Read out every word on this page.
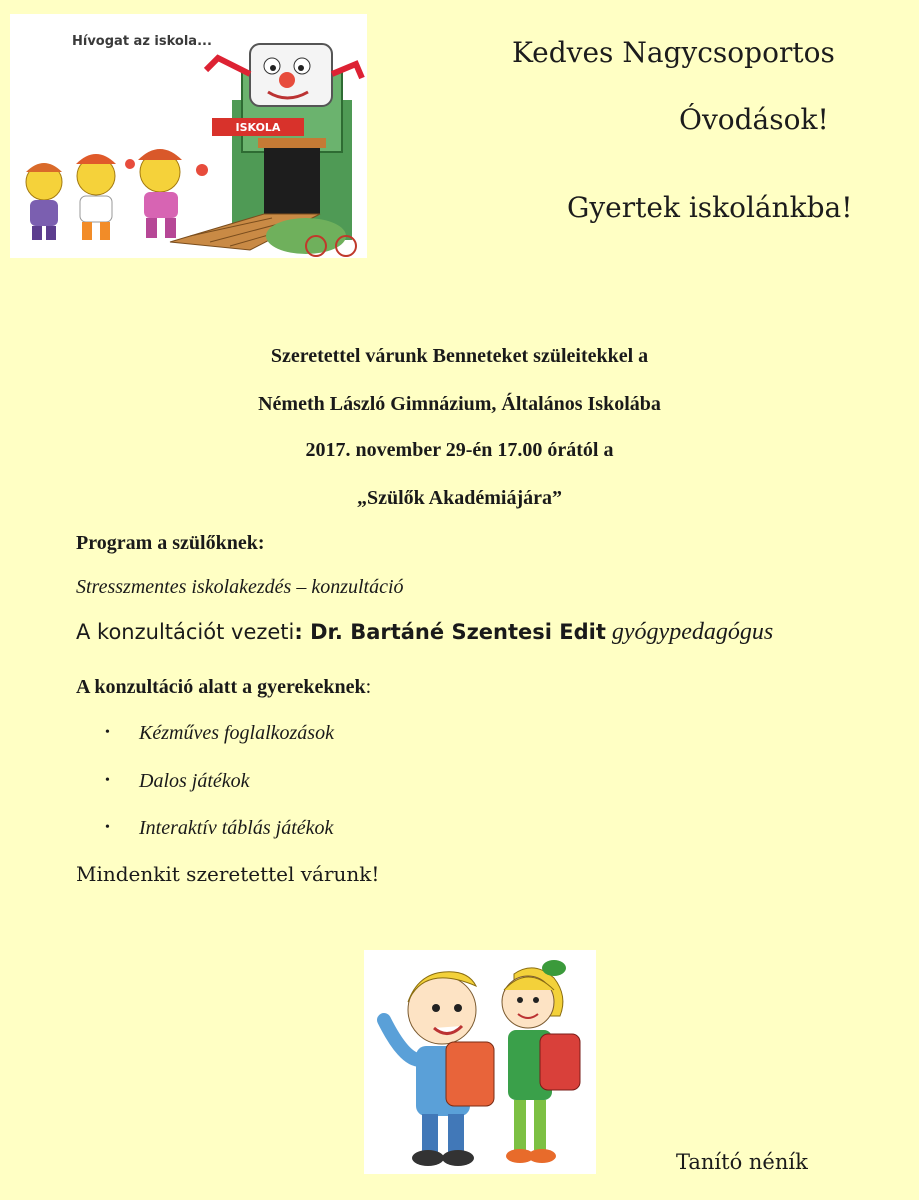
ISKOLA
Hívogat az iskola...	Kedves Nagycsoportos
Óvodások!
Gyertek iskolánkba!
Szeretettel várunk Benneteket szüleitekkel a
Németh László Gimnázium, Általános Iskolába
2017. november 29-én 17.00 órától a
„Szülők Akadémiájára”
Program a szülőknek:
Stresszmentes iskolakezdés – konzultáció
A konzultációt vezeti: Dr. Bartáné Szentesi Edit gyógypedagógus
A konzultáció alatt a gyerekeknek:
• Kézműves foglalkozások
• Dalos játékok
• Interaktív táblás játékok
Mindenkit szeretettel várunk!
Tanító néník
